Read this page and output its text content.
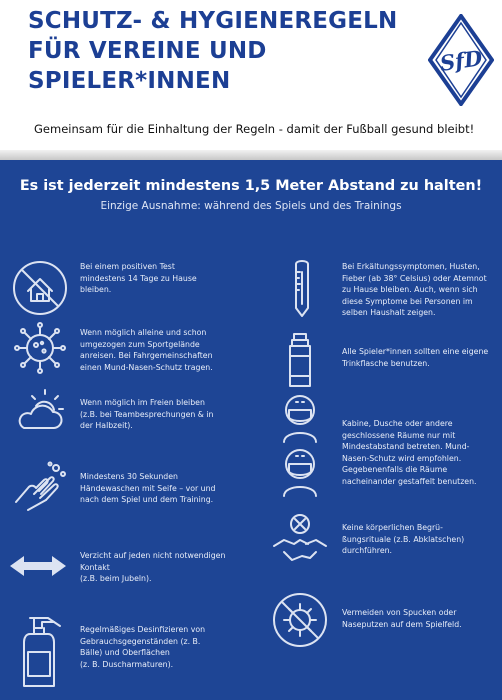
SCHUTZ- & HYGIENEREGELN
FÜR VEREINE UND
SPIELER*INNEN
SfD
Gemeinsam für die Einhaltung der Regeln - damit der Fußball gesund bleibt!
Es ist jederzeit mindestens 1,5 Meter Abstand zu halten!
Einzige Ausnahme: während des Spiels und des Trainings
Bei einem positiven Test
mindestens 14 Tage zu Hause
bleiben.
Wenn möglich alleine und schon
umgezogen zum Sportgelände
anreisen. Bei Fahrgemeinschaften
einen Mund-Nasen-Schutz tragen.
Wenn möglich im Freien bleiben
(z.B. bei Teambesprechungen & in
der Halbzeit).
Mindestens 30 Sekunden
Händewaschen mit Seife – vor und
nach dem Spiel und dem Training.
Verzicht auf jeden nicht notwendigen
Kontakt
(z.B. beim Jubeln).
Regelmäßiges Desinfizieren von
Gebrauchsgegenständen (z. B.
Bälle) und Oberflächen
(z. B. Duscharmaturen).
Bei Erkältungssymptomen, Husten,
Fieber (ab 38° Celsius) oder Atemnot
zu Hause bleiben. Auch, wenn sich
diese Symptome bei Personen im
selben Haushalt zeigen.
Alle Spieler*innen sollten eine eigene
Trinkflasche benutzen.
Kabine, Dusche oder andere
geschlossene Räume nur mit
Mindestabstand betreten. Mund-
Nasen-Schutz wird empfohlen.
Gegebenenfalls die Räume
nacheinander gestaffelt benutzen.
Keine körperlichen Begrü-
ßungsrituale (z.B. Abklatschen)
durchführen.
Vermeiden von Spucken oder
Naseputzen auf dem Spielfeld.
